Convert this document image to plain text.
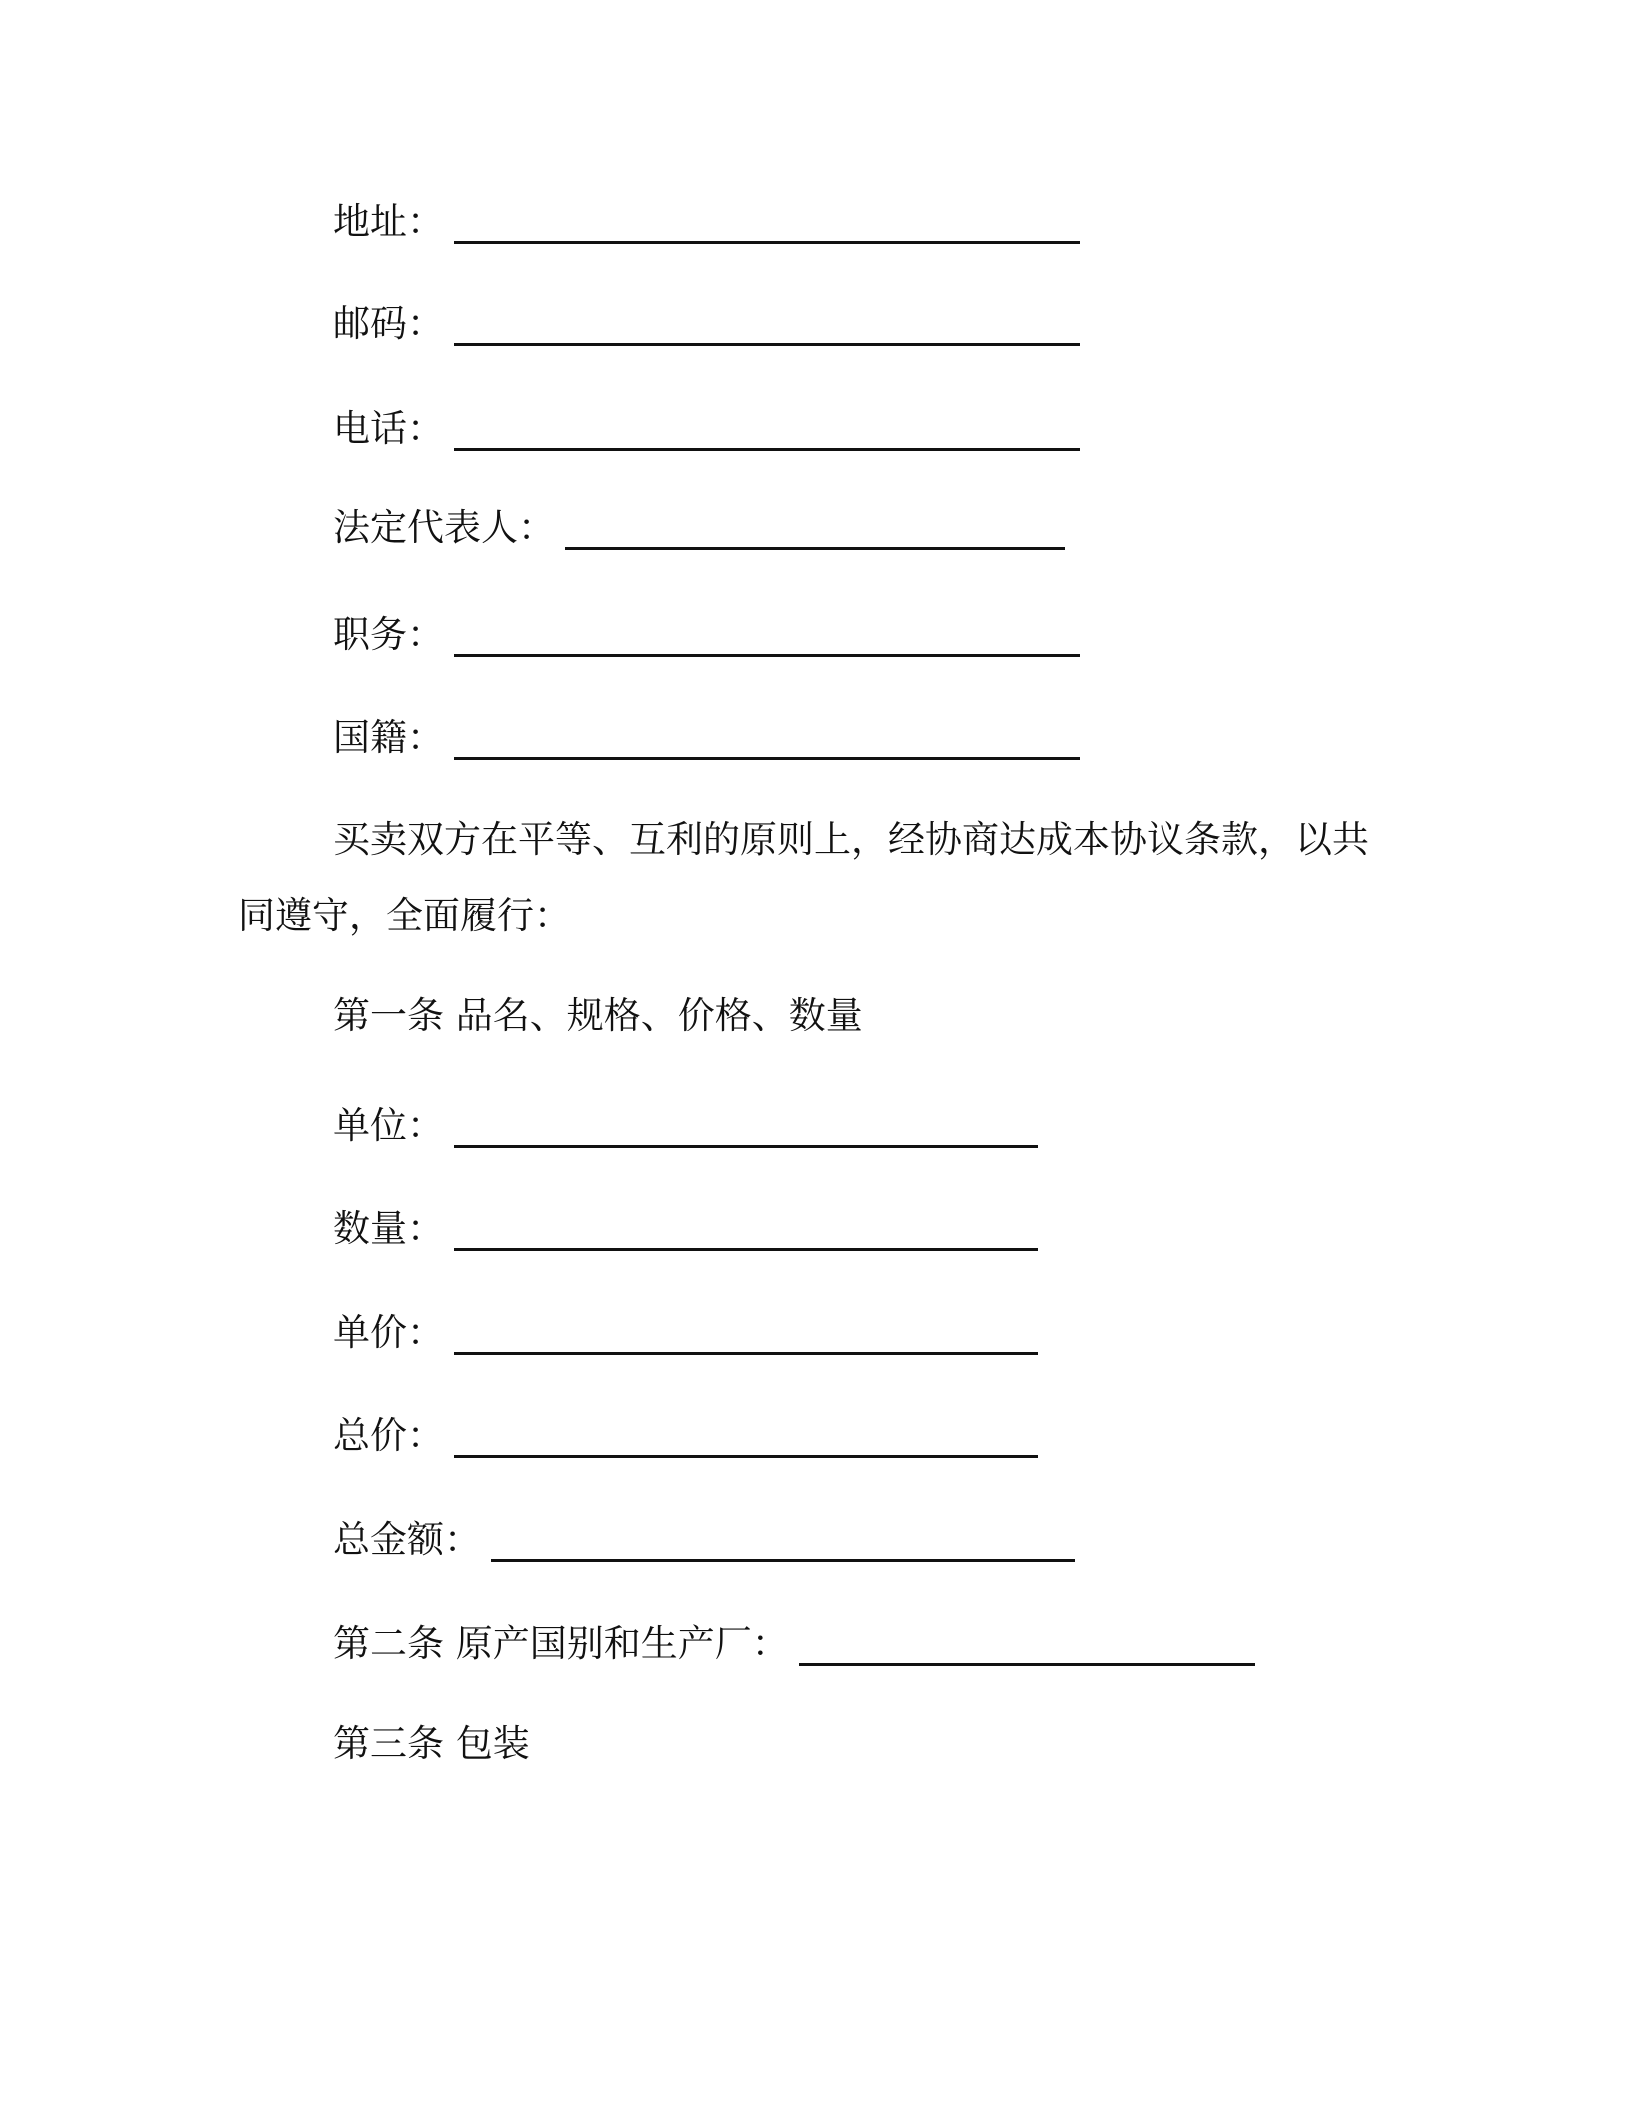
地址：
邮码：
电话：
法定代表人：
职务：
国籍：
买卖双方在平等、互利的原则上，经协商达成本协议条款，以共同遵守，全面履行：
第一条 品名、规格、价格、数量
单位：
数量：
单价：
总价：
总金额：
第二条 原产国别和生产厂：
第三条 包装
